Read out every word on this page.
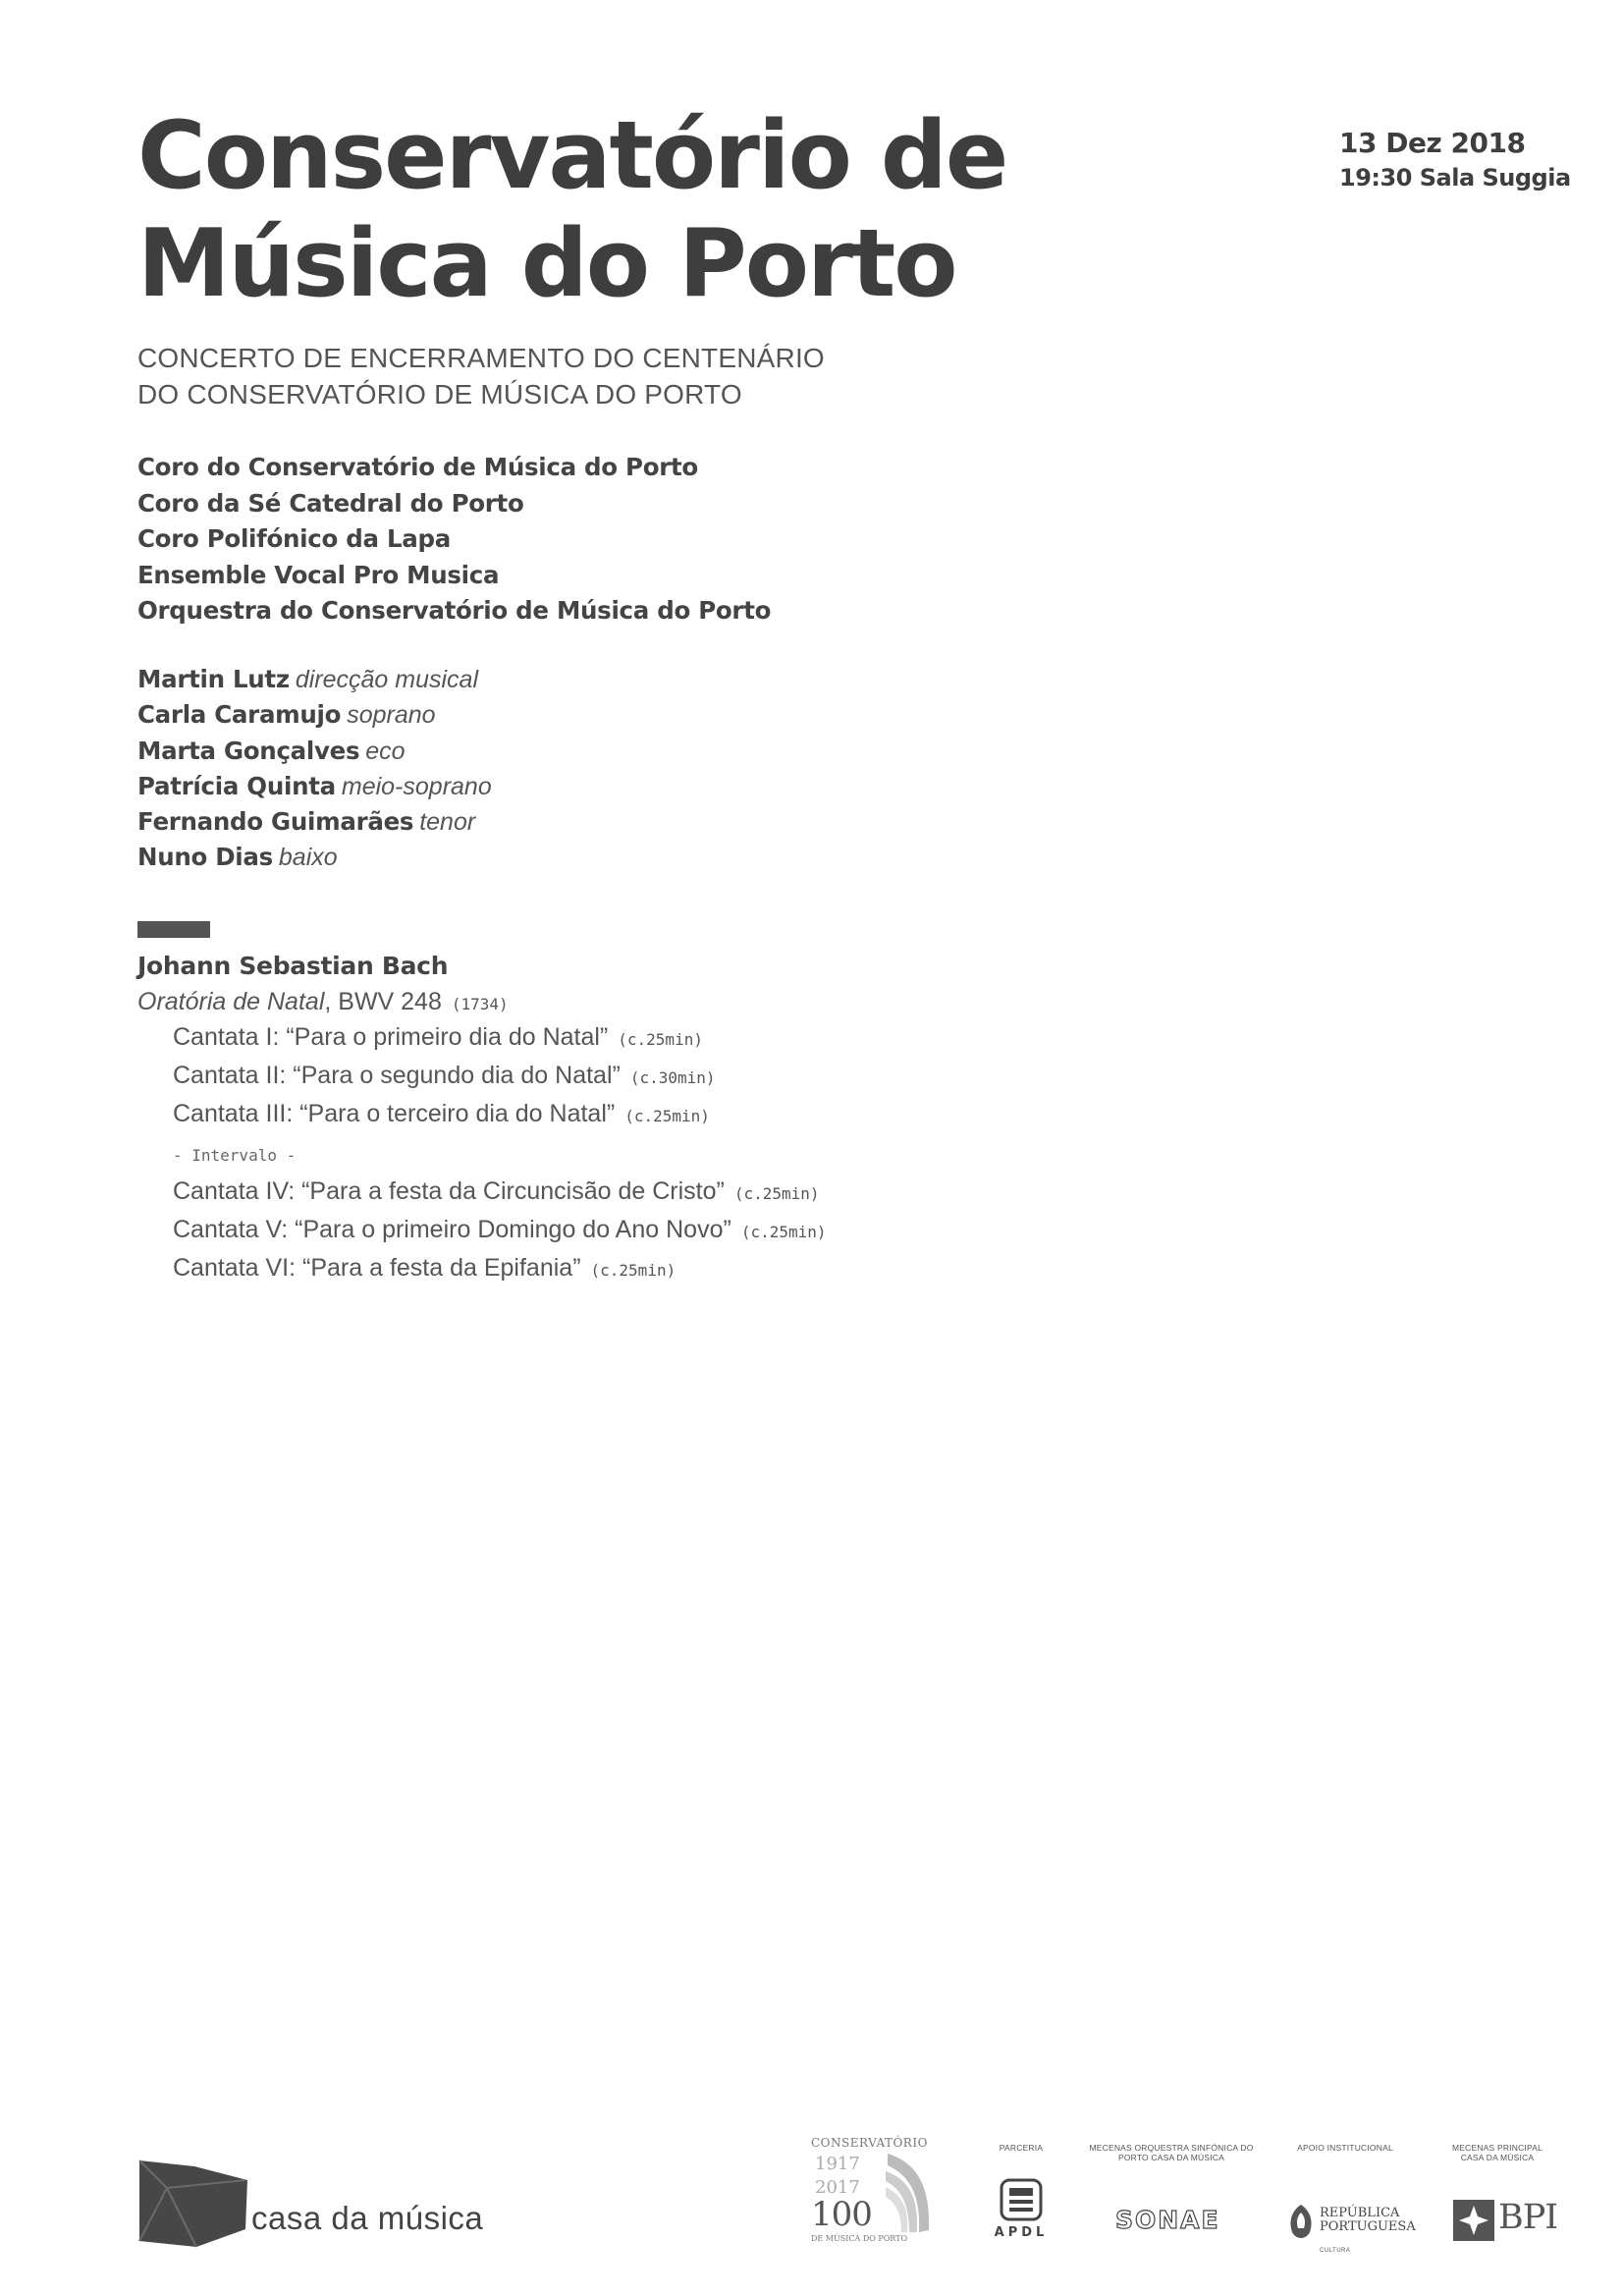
Conservatório de
Música do Porto
13 Dez 2018
19:30 Sala Suggia
CONCERTO DE ENCERRAMENTO DO CENTENÁRIO
DO CONSERVATÓRIO DE MÚSICA DO PORTO
Coro do Conservatório de Música do Porto
Coro da Sé Catedral do Porto
Coro Polifónico da Lapa
Ensemble Vocal Pro Musica
Orquestra do Conservatório de Música do Porto
Martin Lutz direcção musical
Carla Caramujo soprano
Marta Gonçalves eco
Patrícia Quinta meio-soprano
Fernando Guimarães tenor
Nuno Dias baixo
Johann Sebastian Bach
Oratória de Natal, BWV 248 (1734)
Cantata I: “Para o primeiro dia do Natal” (c.25min)
Cantata II: “Para o segundo dia do Natal” (c.30min)
Cantata III: “Para o terceiro dia do Natal” (c.25min)
- Intervalo -
Cantata IV: “Para a festa da Circuncisão de Cristo” (c.25min)
Cantata V: “Para o primeiro Domingo do Ano Novo” (c.25min)
Cantata VI: “Para a festa da Epifania” (c.25min)
casa da música
CONSERVATÓRIO
1917
2017
100
DE MÚSICA DO PORTO
PARCERIA	MECENAS ORQUESTRA SINFÓNICA DO PORTO CASA DA MÚSICA
APOIO INSTITUCIONAL	MECENAS PRINCIPAL CASA DA MÚSICA
APDL	SONAE	REPÚBLICA
PORTUGUESA
CULTURA
BPI
